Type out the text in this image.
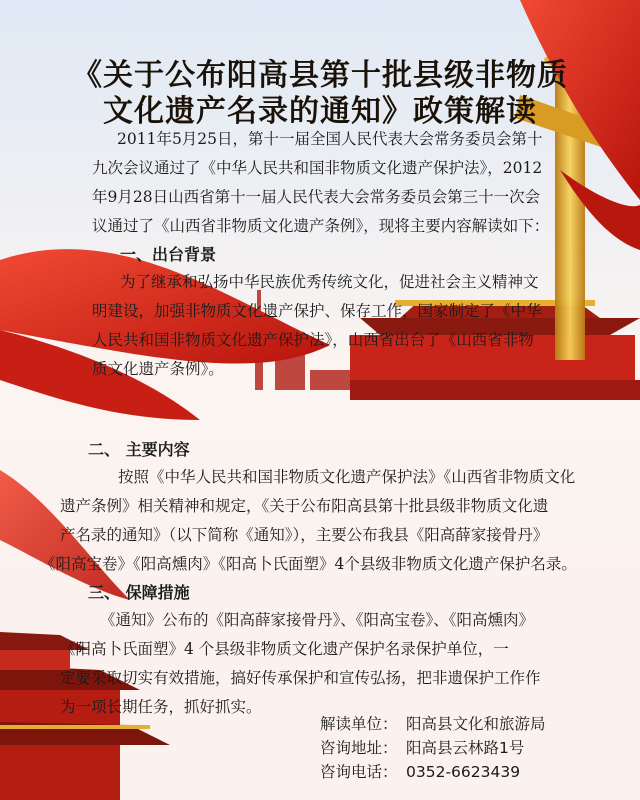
《关于公布阳高县第十批县级非物质
文化遗产名录的通知》政策解读
2011年5月25日，第十一届全国人民代表大会常务委员会第十
九次会议通过了《中华人民共和国非物质文化遗产保护法》，2012
年9月28日山西省第十一届人民代表大会常务委员会第三十一次会
议通过了《山西省非物质文化遗产条例》，现将主要内容解读如下：
一、出台背景
为了继承和弘扬中华民族优秀传统文化，促进社会主义精神文
明建设，加强非物质文化遗产保护、保存工作，国家制定了《中华
人民共和国非物质文化遗产保护法》，山西省出台了《山西省非物
质文化遗产条例》。
二、 主要内容
按照《中华人民共和国非物质文化遗产保护法》《山西省非物质文化
遗产条例》相关精神和规定，《关于公布阳高县第十批县级非物质文化遗
产名录的通知》（以下简称《通知》），主要公布我县《阳高薛家接骨丹》
《阳高宝卷》《阳高燻肉》《阳高卜氏面塑》4个县级非物质文化遗产保护名录。
三、 保障措施
《通知》公布的《阳高薛家接骨丹》、《阳高宝卷》、《阳高燻肉》
《阳高卜氏面塑》4 个县级非物质文化遗产保护名录保护单位，一
定要采取切实有效措施，搞好传承保护和宣传弘扬，把非遗保护工作作
为一项长期任务，抓好抓实。
解读单位： 阳高县文化和旅游局
咨询地址： 阳高县云林路1号
咨询电话： 0352-6623439
